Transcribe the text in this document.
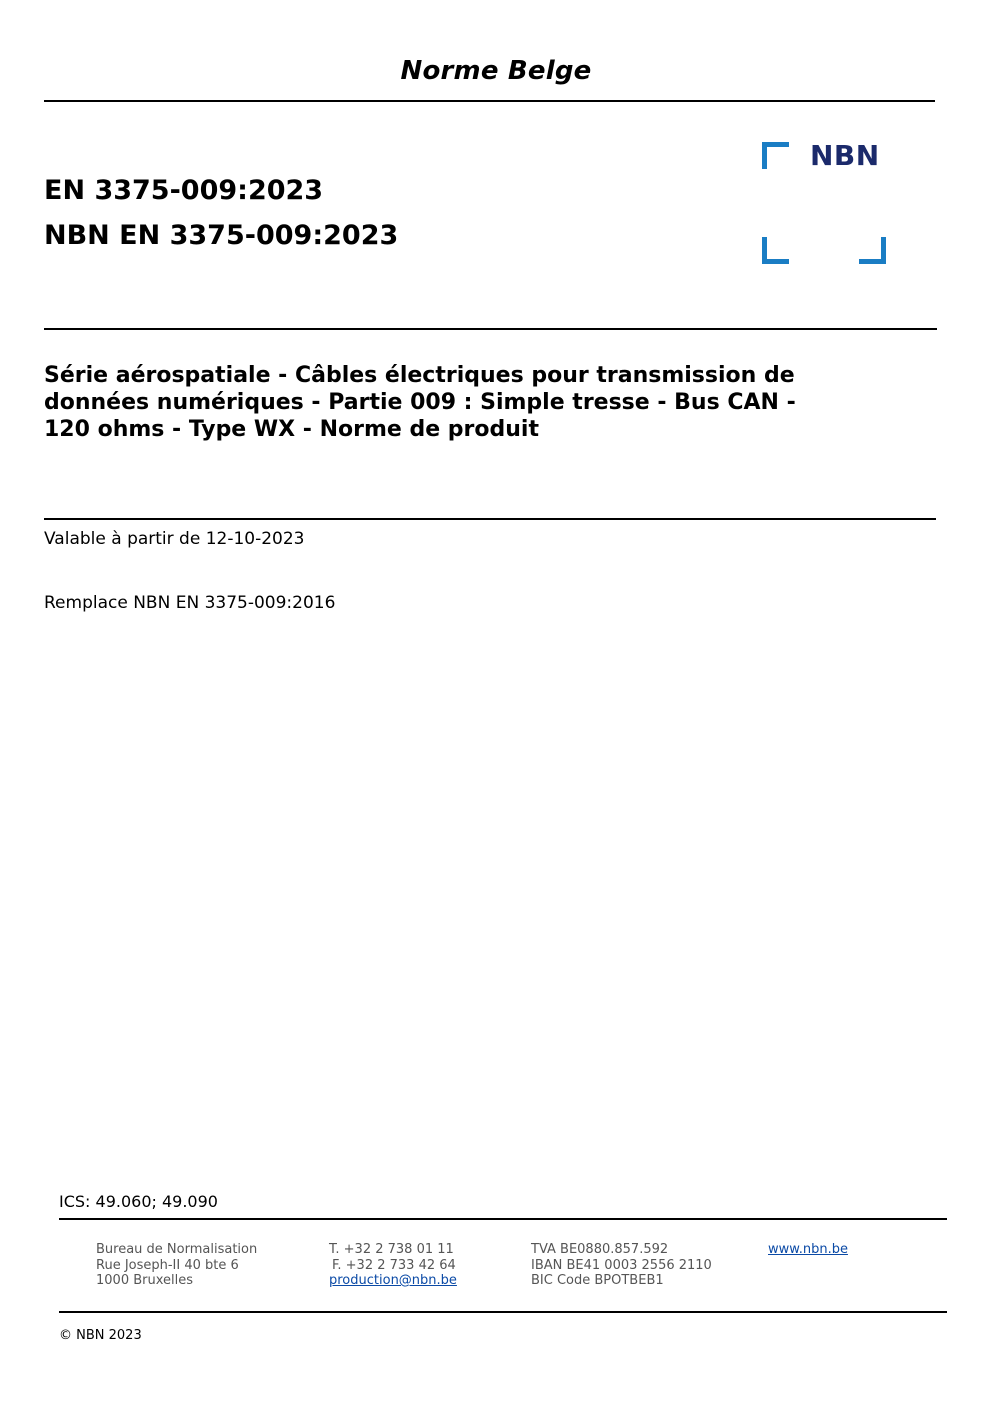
Norme Belge
EN 3375-009:2023
NBN EN 3375-009:2023
NBN
Série aérospatiale - Câbles électriques pour transmission de
données numériques - Partie 009 : Simple tresse - Bus CAN -
120 ohms - Type WX - Norme de produit
Valable à partir de 12-10-2023
Remplace NBN EN 3375-009:2016
ICS: 49.060; 49.090
Bureau de Normalisation
Rue Joseph-II 40 bte 6
1000 Bruxelles
T. +32 2 738 01 11
F. +32 2 733 42 64
production@nbn.be
TVA BE0880.857.592
IBAN BE41 0003 2556 2110
BIC Code BPOTBEB1
www.nbn.be
© NBN 2023
